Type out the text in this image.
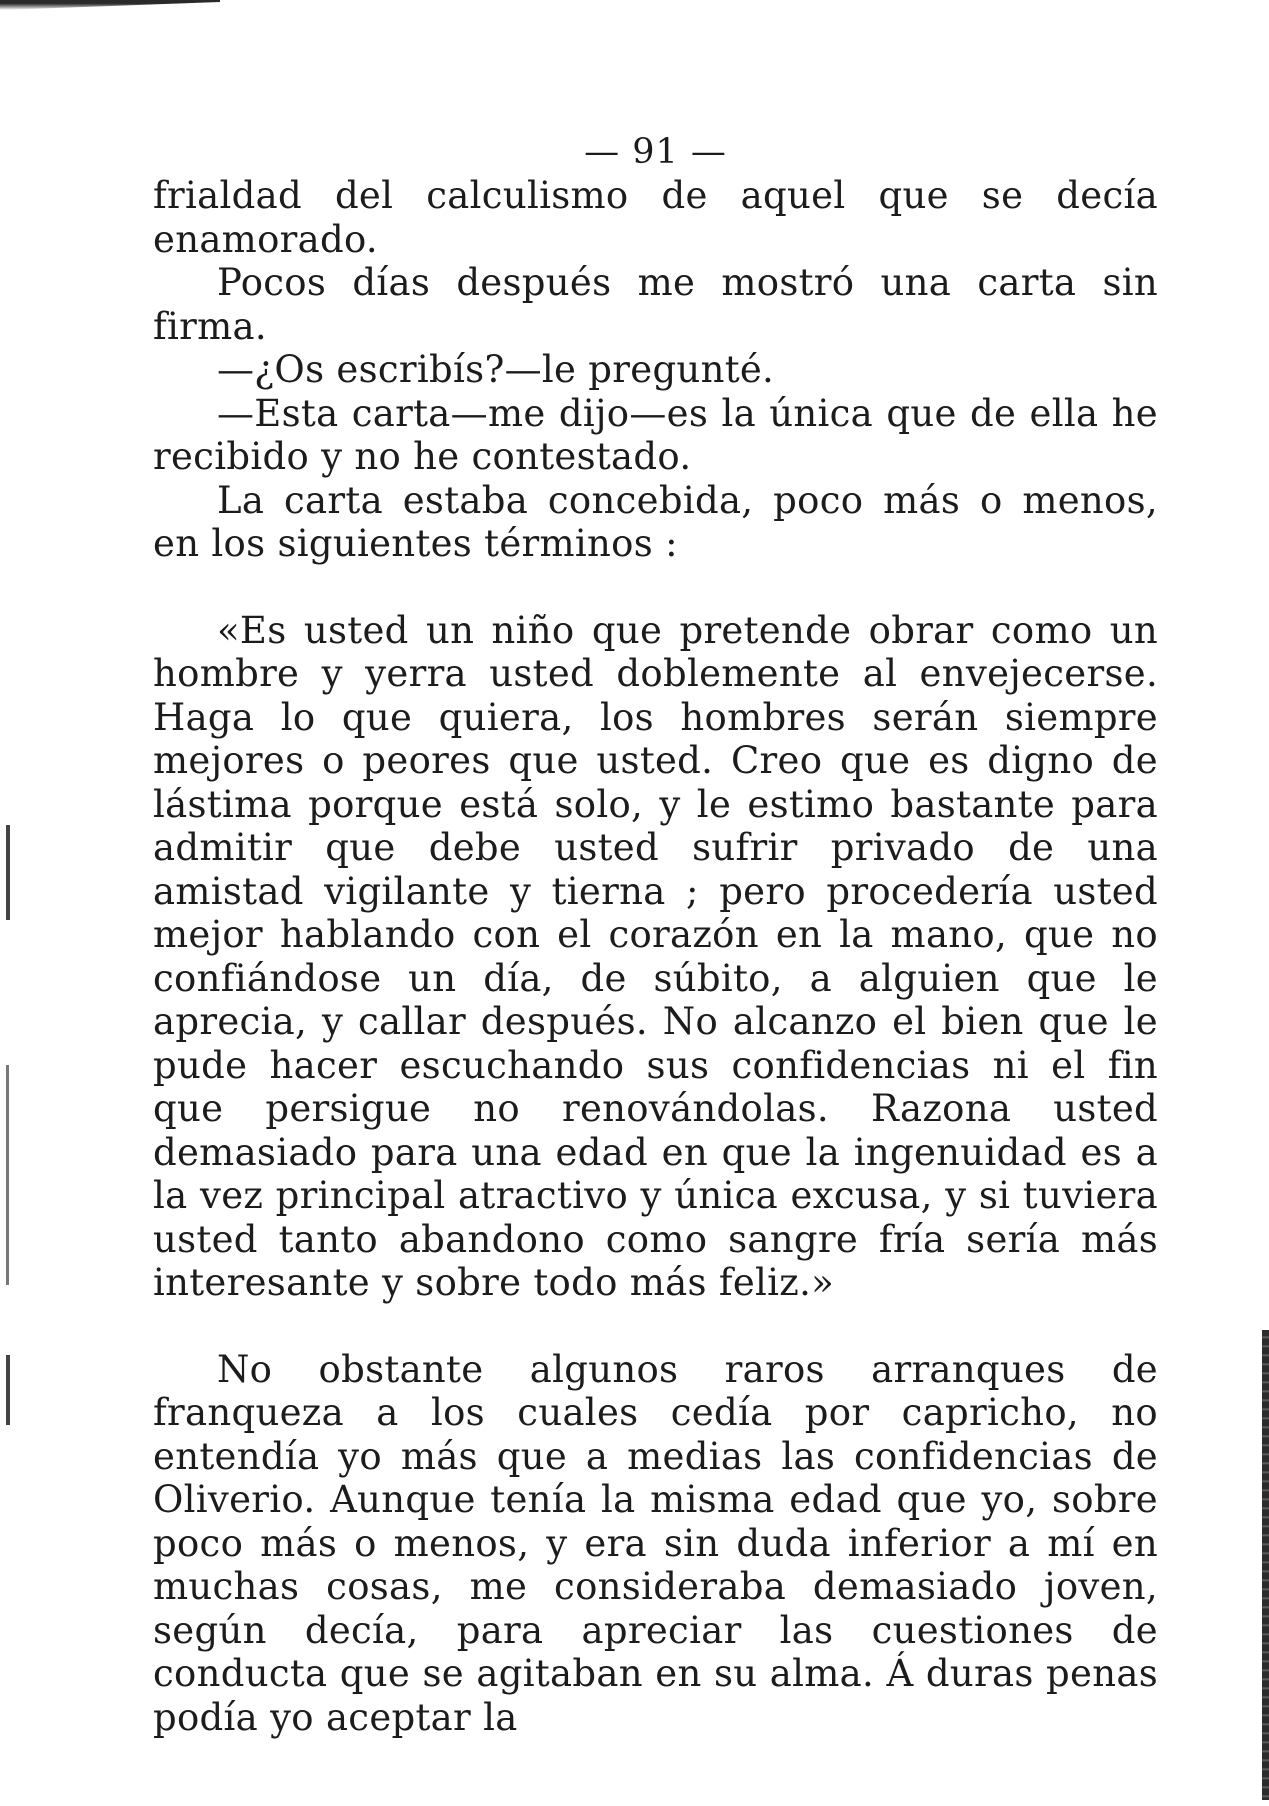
— 91 —

frialdad del calculismo de aquel que se decía enamorado.

Pocos días después me mostró una carta sin firma.

—¿Os escribís?—le pregunté.

—Esta carta—me dijo—es la única que de ella he recibido y no he contestado.

La carta estaba concebida, poco más o menos, en los siguientes términos :

«Es usted un niño que pretende obrar como un hombre y yerra usted doblemente al envejecerse. Haga lo que quiera, los hombres serán siempre mejores o peores que usted. Creo que es digno de lástima porque está solo, y le estimo bastante para admitir que debe usted sufrir privado de una amistad vigilante y tierna ; pero procedería usted mejor hablando con el corazón en la mano, que no confiándose un día, de súbito, a alguien que le aprecia, y callar después. No alcanzo el bien que le pude hacer escuchando sus confidencias ni el fin que persigue no renovándolas. Razona usted demasiado para una edad en que la ingenuidad es a la vez principal atractivo y única excusa, y si tuviera usted tanto abandono como sangre fría sería más interesante y sobre todo más feliz.»

No obstante algunos raros arranques de franqueza a los cuales cedía por capricho, no entendía yo más que a medias las confidencias de Oliverio. Aunque tenía la misma edad que yo, sobre poco más o menos, y era sin duda inferior a mí en muchas cosas, me consideraba demasiado joven, según decía, para apreciar las cuestiones de conducta que se agitaban en su alma. Á duras penas podía yo aceptar la
